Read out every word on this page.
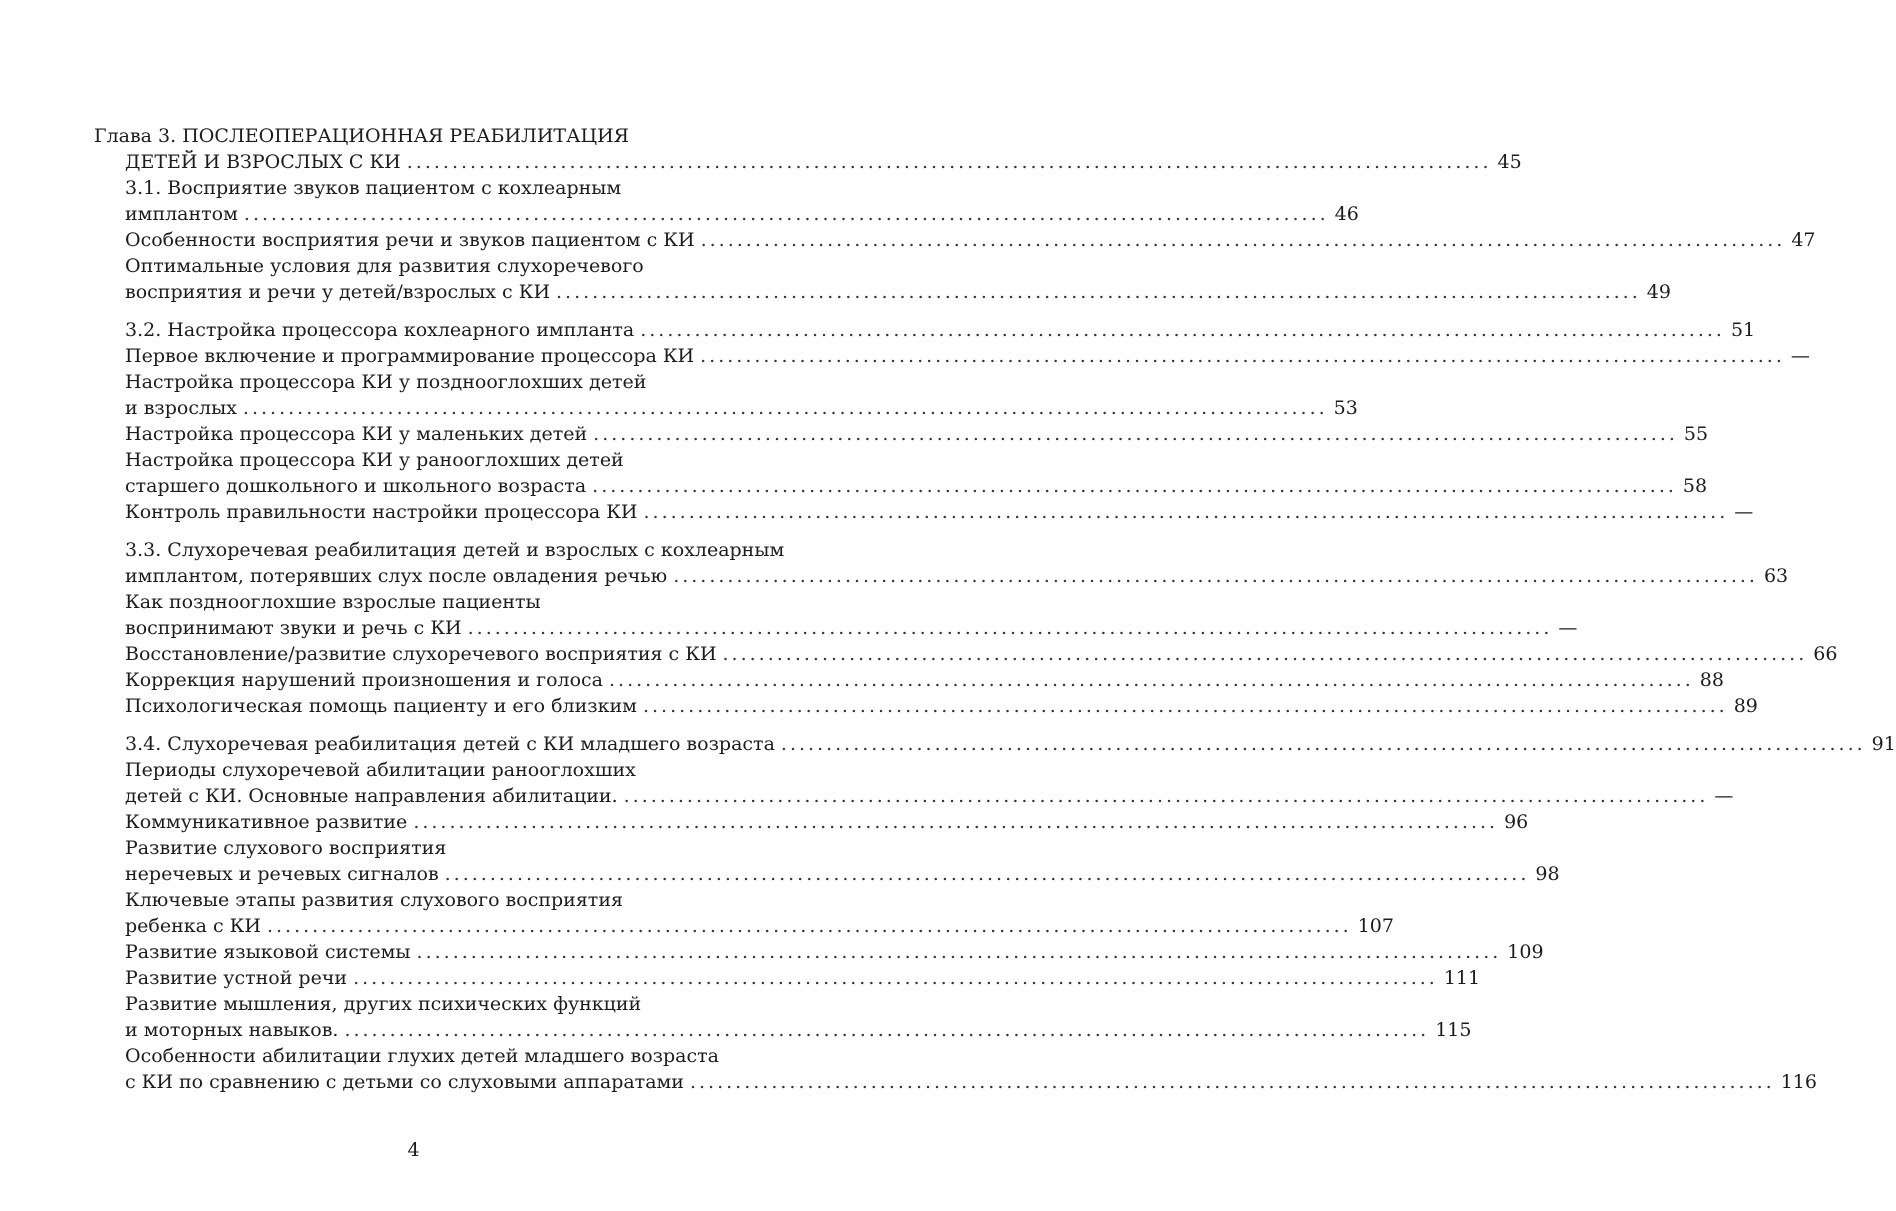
Глава 3. ПОСЛЕОПЕРАЦИОННАЯ РЕАБИЛИТАЦИЯ
ДЕТЕЙ И ВЗРОСЛЫХ С КИ ........................................................................................................................ 45
3.1. Восприятие звуков пациентом с кохлеарным
имплантом ........................................................................................................................ 46
Особенности восприятия речи и звуков пациентом с КИ ........................................................................................................................ 47
Оптимальные условия для развития слухоречевого
восприятия и речи у детей/взрослых с КИ ........................................................................................................................ 49
3.2. Настройка процессора кохлеарного импланта ........................................................................................................................ 51
Первое включение и программирование процессора КИ ........................................................................................................................ —
Настройка процессора КИ у позднооглохших детей
и взрослых ........................................................................................................................ 53
Настройка процессора КИ у маленьких детей ........................................................................................................................ 55
Настройка процессора КИ у ранооглохших детей
старшего дошкольного и школьного возраста ........................................................................................................................ 58
Контроль правильности настройки процессора КИ ........................................................................................................................ —
3.3. Слухоречевая реабилитация детей и взрослых с кохлеарным
имплантом, потерявших слух после овладения речью ........................................................................................................................ 63
Как позднооглохшие взрослые пациенты
воспринимают звуки и речь с КИ ........................................................................................................................ —
Восстановление/развитие слухоречевого восприятия с КИ ........................................................................................................................ 66
Коррекция нарушений произношения и голоса ........................................................................................................................ 88
Психологическая помощь пациенту и его близким ........................................................................................................................ 89
3.4. Слухоречевая реабилитация детей с КИ младшего возраста ........................................................................................................................ 91
Периоды слухоречевой абилитации ранооглохших
детей с КИ. Основные направления абилитации. ........................................................................................................................ —
Коммуникативное развитие ........................................................................................................................ 96
Развитие слухового восприятия
неречевых и речевых сигналов ........................................................................................................................ 98
Ключевые этапы развития слухового восприятия
ребенка с КИ ........................................................................................................................ 107
Развитие языковой системы ........................................................................................................................ 109
Развитие устной речи ........................................................................................................................ 111
Развитие мышления, других психических функций
и моторных навыков. ........................................................................................................................ 115
Особенности абилитации глухих детей младшего возраста
с КИ по сравнению с детьми со слуховыми аппаратами ........................................................................................................................ 116
4
